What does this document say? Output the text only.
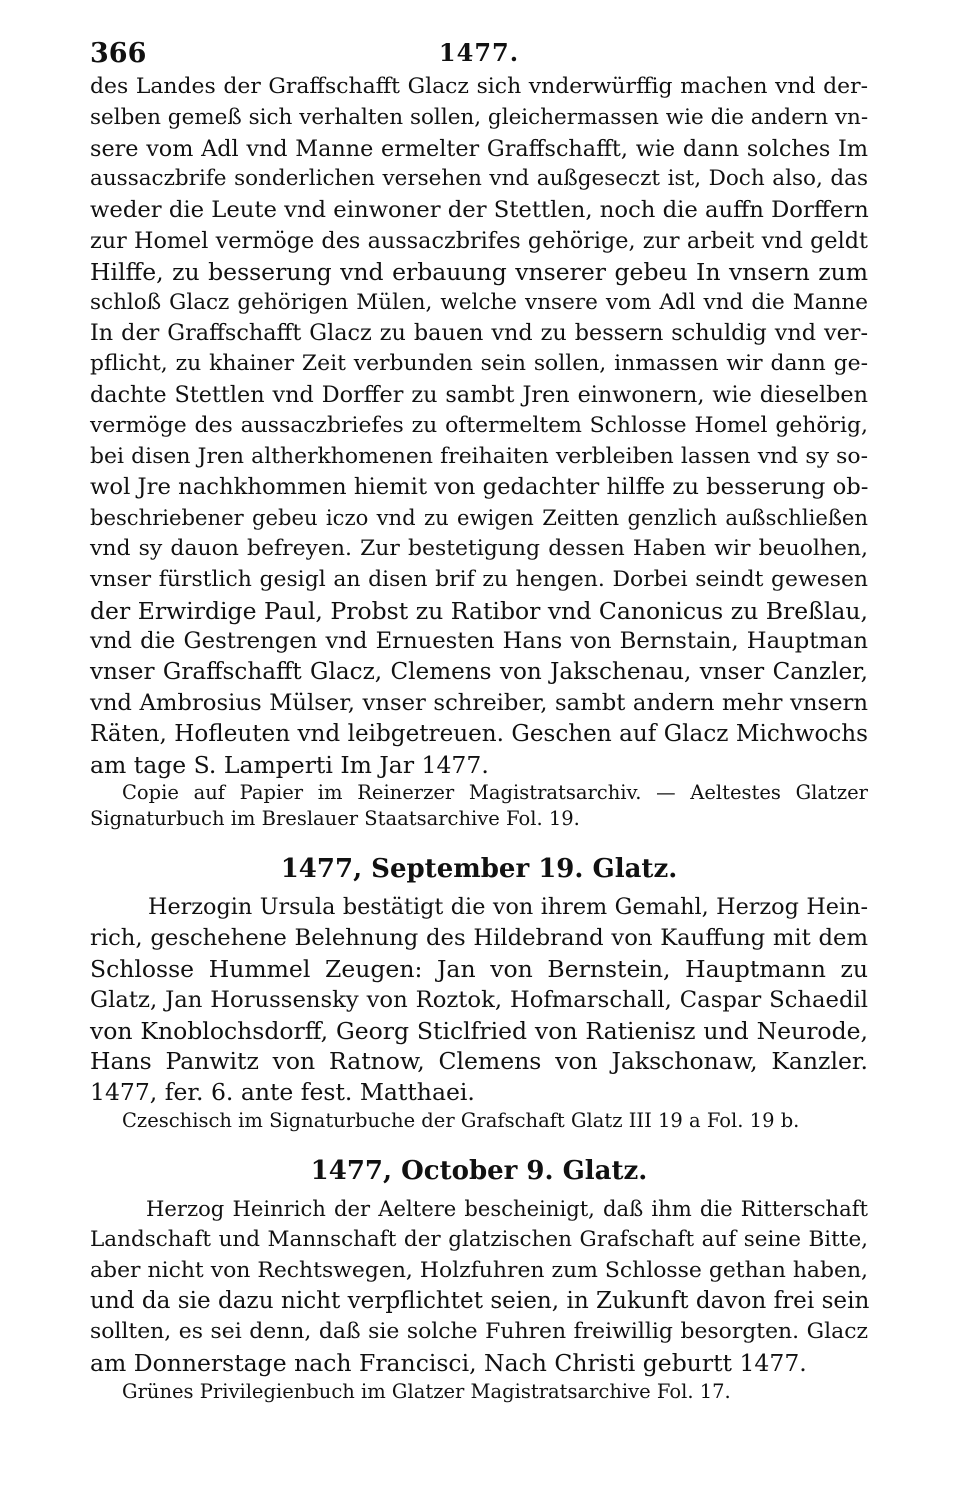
366	1477.
des Landes der Graffschafft Glacz sich vnderwürffig machen vnd der-
selben gemeß sich verhalten sollen, gleichermassen wie die andern vn-
sere vom Adl vnd Manne ermelter Graffschafft, wie dann solches Im
aussaczbrife sonderlichen versehen vnd außgeseczt ist, Doch also, das
weder die Leute vnd einwoner der Stettlen, noch die auffn Dorffern
zur Homel vermöge des aussaczbrifes gehörige, zur arbeit vnd geldt
Hilffe, zu besserung vnd erbauung vnserer gebeu In vnsern zum
schloß Glacz gehörigen Mülen, welche vnsere vom Adl vnd die Manne
In der Graffschafft Glacz zu bauen vnd zu bessern schuldig vnd ver-
pflicht, zu khainer Zeit verbunden sein sollen, inmassen wir dann ge-
dachte Stettlen vnd Dorffer zu sambt Jren einwonern, wie dieselben
vermöge des aussaczbriefes zu oftermeltem Schlosse Homel gehörig,
bei disen Jren altherkhomenen freihaiten verbleiben lassen vnd sy so-
wol Jre nachkhommen hiemit von gedachter hilffe zu besserung ob-
beschriebener gebeu iczo vnd zu ewigen Zeitten genzlich außschließen
vnd sy dauon befreyen. Zur bestetigung dessen Haben wir beuolhen,
vnser fürstlich gesigl an disen brif zu hengen. Dorbei seindt gewesen
der Erwirdige Paul, Probst zu Ratibor vnd Canonicus zu Breßlau,
vnd die Gestrengen vnd Ernuesten Hans von Bernstain, Hauptman
vnser Graffschafft Glacz, Clemens von Jakschenau, vnser Canzler,
vnd Ambrosius Mülser, vnser schreiber, sambt andern mehr vnsern
Räten, Hofleuten vnd leibgetreuen. Geschen auf Glacz Michwochs
am tage S. Lamperti Im Jar 1477.
Copie auf Papier im Reinerzer Magistratsarchiv. — Aeltestes Glatzer
Signaturbuch im Breslauer Staatsarchive Fol. 19.
1477, September 19. Glatz.
Herzogin Ursula bestätigt die von ihrem Gemahl, Herzog Hein-
rich, geschehene Belehnung des Hildebrand von Kauffung mit dem
Schlosse Hummel Zeugen: Jan von Bernstein, Hauptmann zu
Glatz, Jan Horussensky von Roztok, Hofmarschall, Caspar Schaedil
von Knoblochsdorff, Georg Sticlfried von Ratienisz und Neurode,
Hans Panwitz von Ratnow, Clemens von Jakschonaw, Kanzler.
1477, fer. 6. ante fest. Matthaei.
Czeschisch im Signaturbuche der Grafschaft Glatz III 19 a Fol. 19 b.
1477, October 9. Glatz.
Herzog Heinrich der Aeltere bescheinigt, daß ihm die Ritterschaft
Landschaft und Mannschaft der glatzischen Grafschaft auf seine Bitte,
aber nicht von Rechtswegen, Holzfuhren zum Schlosse gethan haben,
und da sie dazu nicht verpflichtet seien, in Zukunft davon frei sein
sollten, es sei denn, daß sie solche Fuhren freiwillig besorgten. Glacz
am Donnerstage nach Francisci, Nach Christi geburtt 1477.
Grünes Privilegienbuch im Glatzer Magistratsarchive Fol. 17.
